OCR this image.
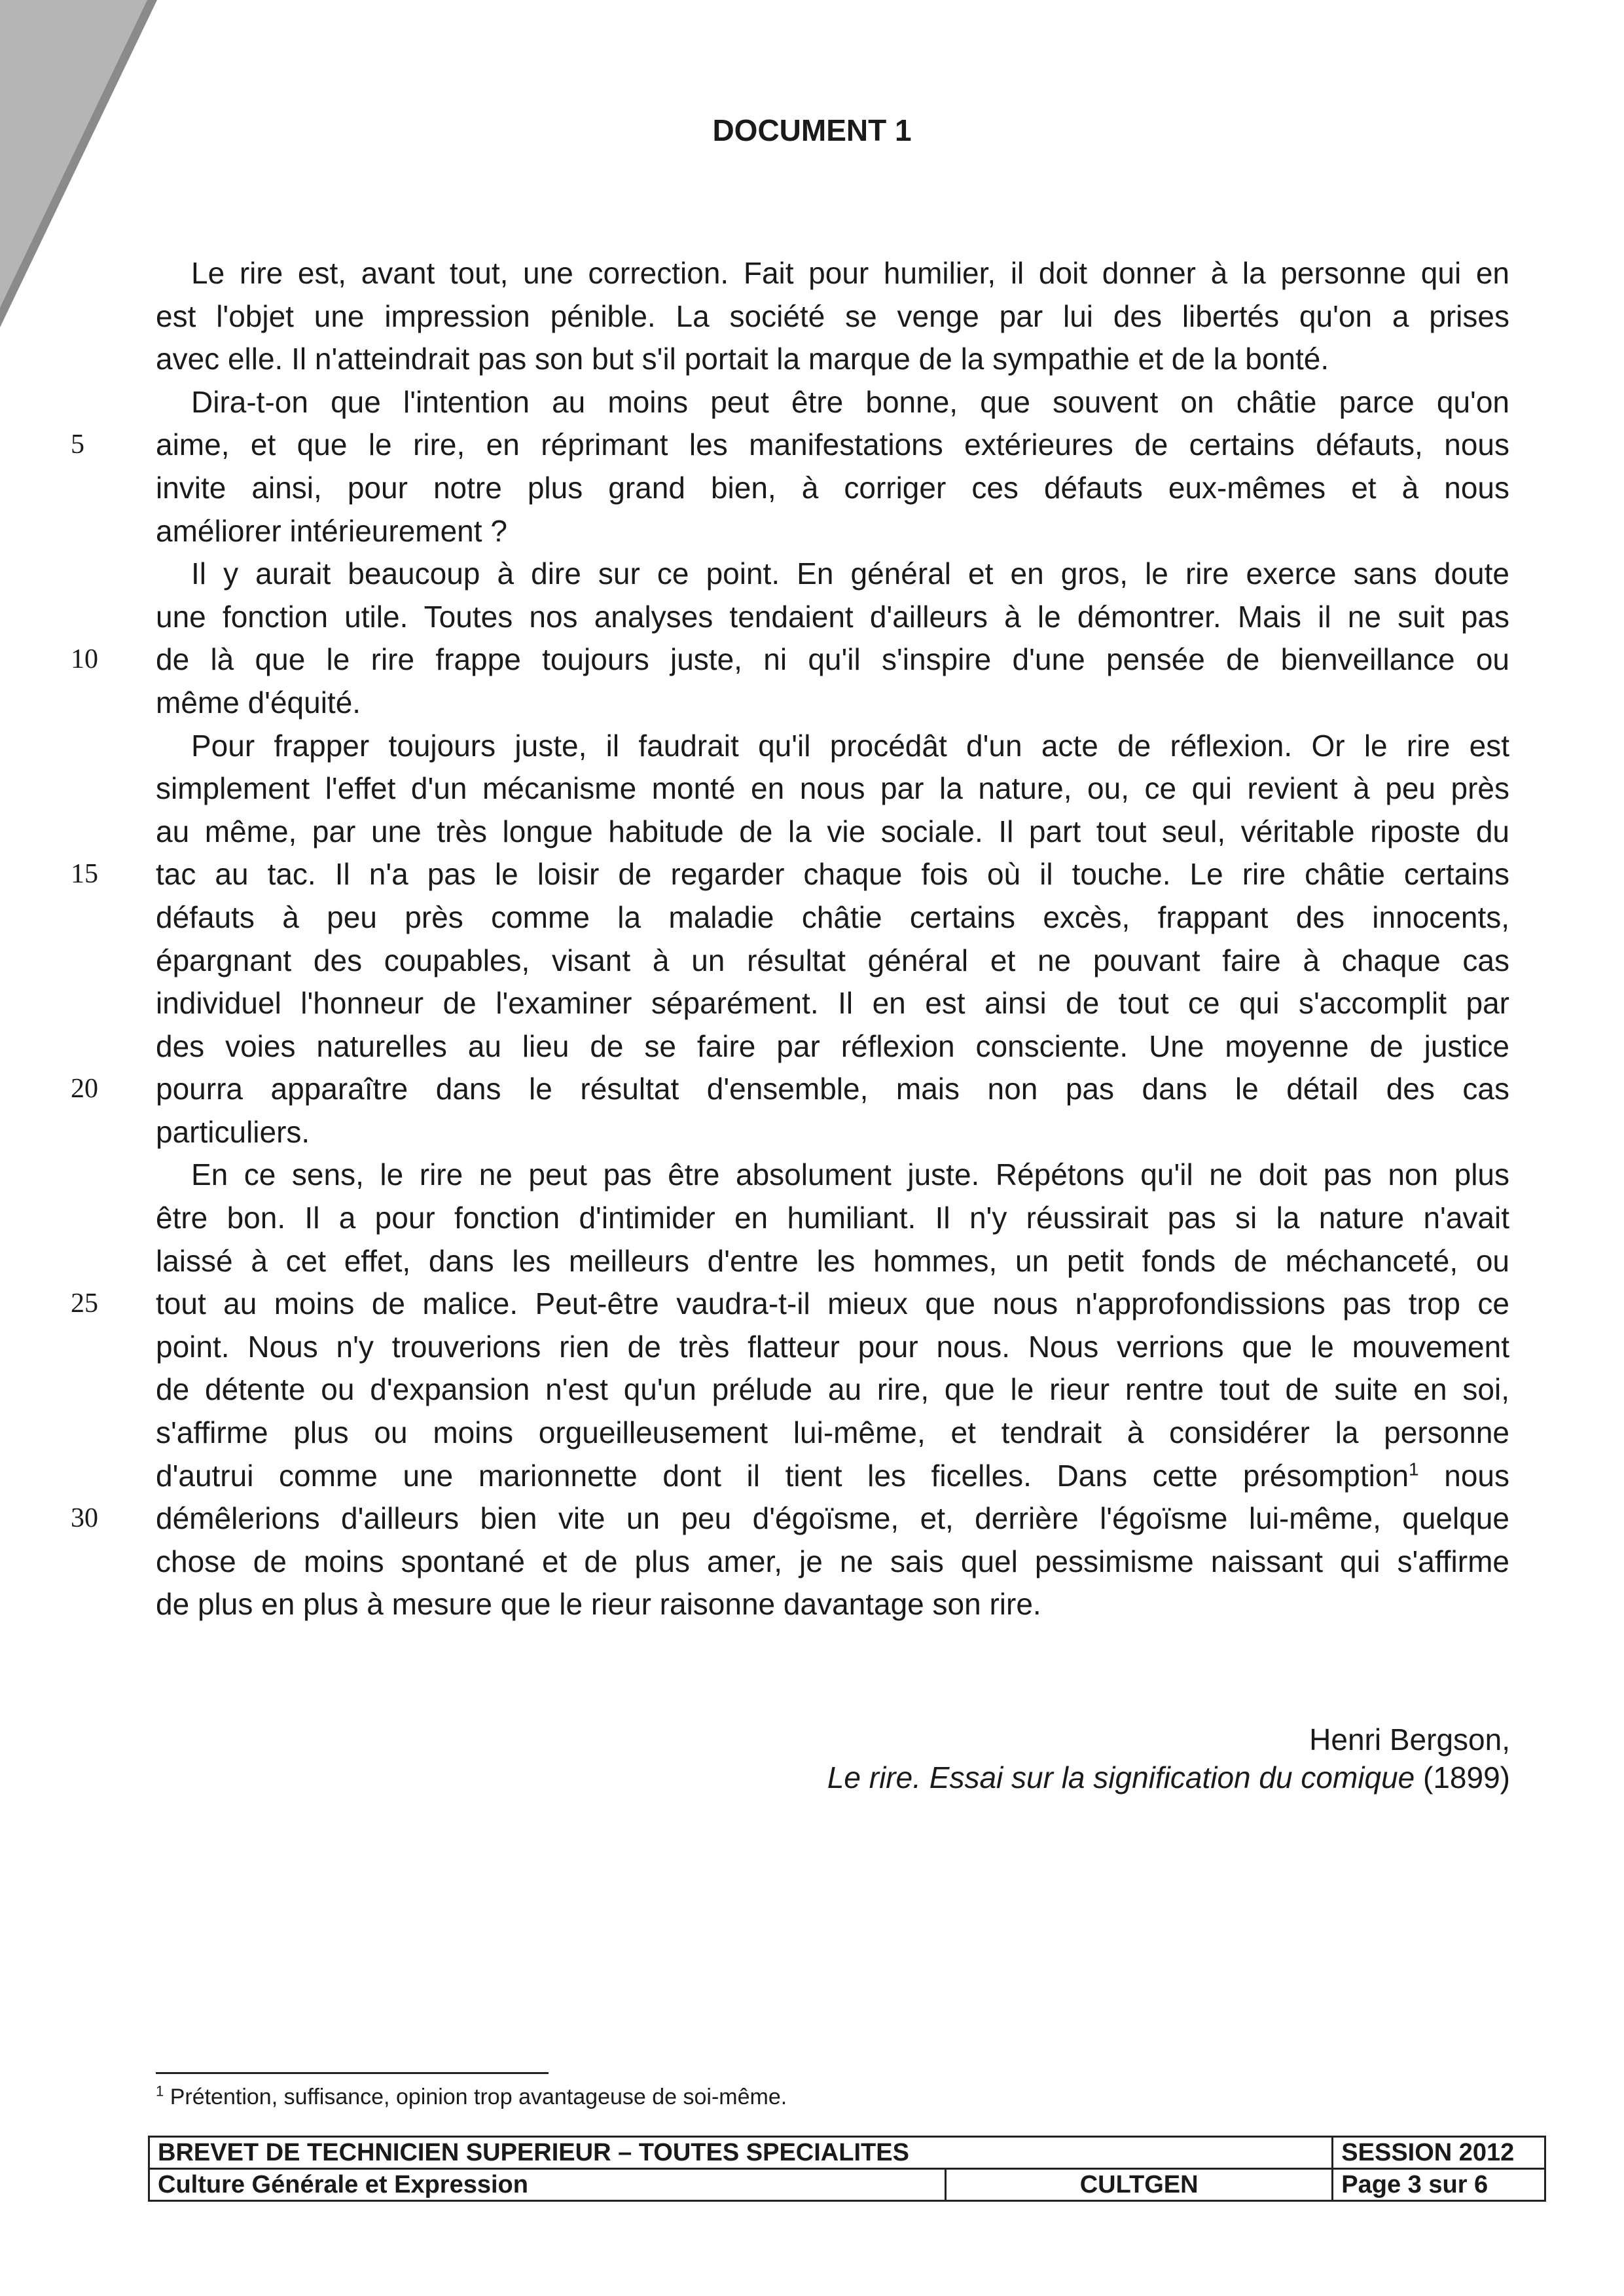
DOCUMENT 1
Le rire est, avant tout, une correction. Fait pour humilier, il doit donner à la personne qui en
est l'objet une impression pénible. La société se venge par lui des libertés qu'on a prises
avec elle. Il n'atteindrait pas son but s'il portait la marque de la sympathie et de la bonté.
Dira-t-on que l'intention au moins peut être bonne, que souvent on châtie parce qu'on
aime, et que le rire, en réprimant les manifestations extérieures de certains défauts, nous
5
invite ainsi, pour notre plus grand bien, à corriger ces défauts eux-mêmes et à nous
améliorer intérieurement ?
Il y aurait beaucoup à dire sur ce point. En général et en gros, le rire exerce sans doute
une fonction utile. Toutes nos analyses tendaient d'ailleurs à le démontrer. Mais il ne suit pas
de là que le rire frappe toujours juste, ni qu'il s'inspire d'une pensée de bienveillance ou
10
même d'équité.
Pour frapper toujours juste, il faudrait qu'il procédât d'un acte de réflexion. Or le rire est
simplement l'effet d'un mécanisme monté en nous par la nature, ou, ce qui revient à peu près
au même, par une très longue habitude de la vie sociale. Il part tout seul, véritable riposte du
tac au tac. Il n'a pas le loisir de regarder chaque fois où il touche. Le rire châtie certains
15
défauts à peu près comme la maladie châtie certains excès, frappant des innocents,
épargnant des coupables, visant à un résultat général et ne pouvant faire à chaque cas
individuel l'honneur de l'examiner séparément. Il en est ainsi de tout ce qui s'accomplit par
des voies naturelles au lieu de se faire par réflexion consciente. Une moyenne de justice
pourra apparaître dans le résultat d'ensemble, mais non pas dans le détail des cas
20
particuliers.
En ce sens, le rire ne peut pas être absolument juste. Répétons qu'il ne doit pas non plus
être bon. Il a pour fonction d'intimider en humiliant. Il n'y réussirait pas si la nature n'avait
laissé à cet effet, dans les meilleurs d'entre les hommes, un petit fonds de méchanceté, ou
tout au moins de malice. Peut-être vaudra-t-il mieux que nous n'approfondissions pas trop ce
25
point. Nous n'y trouverions rien de très flatteur pour nous. Nous verrions que le mouvement
de détente ou d'expansion n'est qu'un prélude au rire, que le rieur rentre tout de suite en soi,
s'affirme plus ou moins orgueilleusement lui-même, et tendrait à considérer la personne
d'autrui comme une marionnette dont il tient les ficelles. Dans cette présomption$^1$ nous
démêlerions d'ailleurs bien vite un peu d'égoïsme, et, derrière l'égoïsme lui-même, quelque
30
chose de moins spontané et de plus amer, je ne sais quel pessimisme naissant qui s'affirme
de plus en plus à mesure que le rieur raisonne davantage son rire.
Henri Bergson,
Le rire. Essai sur la signification du comique (1899)
$^1$ Prétention, suffisance, opinion trop avantageuse de soi-même.
BREVET DE TECHNICIEN SUPERIEUR – TOUTES SPECIALITES		SESSION 2012
Culture Générale et Expression	CULTGEN	Page 3 sur 6
